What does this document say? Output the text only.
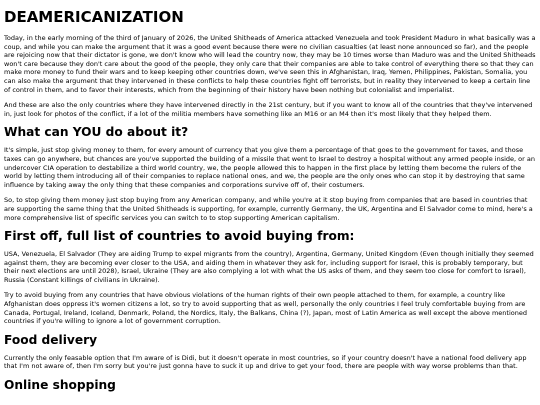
DEAMERICANIZATION

Today, in the early morning of the third of January of 2026, the United Shitheads of America attacked Venezuela and took President Maduro in what basically was a coup, and while you can make the argument that it was a good event because there were no civilian casualties (at least none announced so far), and the people are rejoicing now that their dictator is gone, we don't know who will lead the country now, they may be 10 times worse than Maduro was and the United Shitheads won't care because they don't care about the good of the people, they only care that their companies are able to take control of everything there so that they can make more money to fund their wars and to keep keeping other countries down, we've seen this in Afghanistan, Iraq, Yemen, Philippines, Pakistan, Somalia, you can also make the argument that they intervened in these conflicts to help these countries fight off terrorists, but in reality they intervened to keep a certain line of control in them, and to favor their interests, which from the beginning of their history have been nothing but colonialist and imperialist.

And these are also the only countries where they have intervened directly in the 21st century, but if you want to know all of the countries that they've intervened in, just look for photos of the conflict, if a lot of the militia members have something like an M16 or an M4 then it's most likely that they helped them.

What can YOU do about it?

It's simple, just stop giving money to them, for every amount of currency that you give them a percentage of that goes to the government for taxes, and those taxes can go anywhere, but chances are you've supported the building of a missile that went to Israel to destroy a hospital without any armed people inside, or an undercover CIA operation to destabilize a third world country, we, the people allowed this to happen in the first place by letting them become the rulers of the world by letting them introducing all of their companies to replace national ones, and we, the people are the only ones who can stop it by destroying that same influence by taking away the only thing that these companies and corporations survive off of, their costumers.

So, to stop giving them money just stop buying from any American company, and while you're at it stop buying from companies that are based in countries that are supporting the same thing that the United Shitheads is supporting, for example, currently Germany, the UK, Argentina and El Salvador come to mind, here's a more comprehensive list of specific services you can switch to to stop supporting American capitalism.

First off, full list of countries to avoid buying from:

USA, Venezuela, El Salvador (They are aiding Trump to expel migrants from the country), Argentina, Germany, United Kingdom (Even though initially they seemed against them, they are becoming ever closer to the USA, and aiding them in whatever they ask for, including support for Israel, this is probably temporary, but their next elections are until 2028), Israel, Ukraine (They are also complying a lot with what the US asks of them, and they seem too close for comfort to Israel), Russia (Constant killings of civilians in Ukraine).

Try to avoid buying from any countries that have obvious violations of the human rights of their own people attached to them, for example, a country like Afghanistan does oppress it's women citizens a lot, so try to avoid supporting that as well, personally the only countries I feel truly comfortable buying from are Canada, Portugal, Ireland, Iceland, Denmark, Poland, the Nordics, Italy, the Balkans, China (?), Japan, most of Latin America as well except the above mentioned countries if you're willing to ignore a lot of government corruption.

Food delivery

Currently the only feasable option that I'm aware of is Didi, but it doesn't operate in most countries, so if your country doesn't have a national food delivery app that I'm not aware of, then I'm sorry but you're just gonna have to suck it up and drive to get your food, there are people with way worse problems than that.

Online shopping
